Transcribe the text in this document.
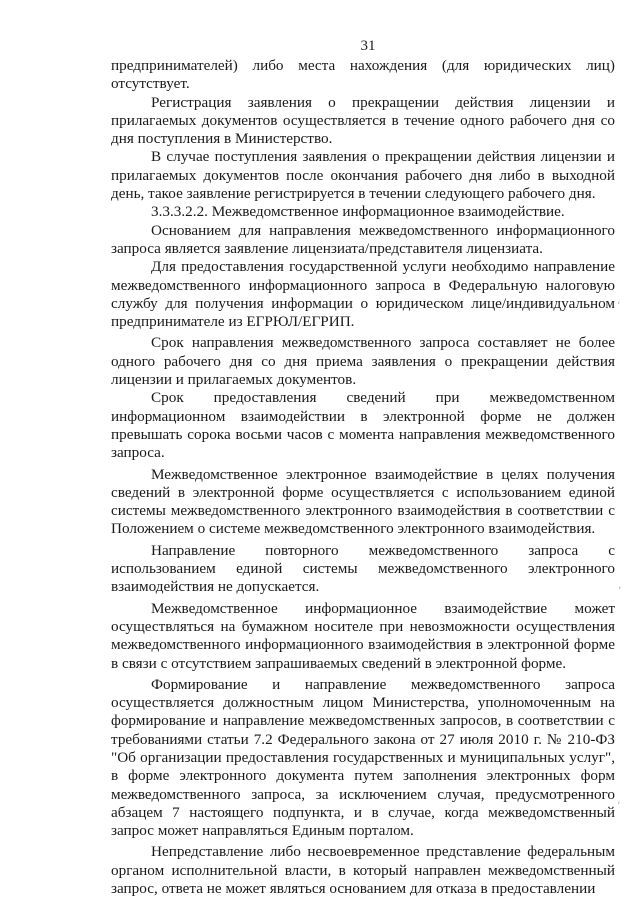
31

предпринимателей) либо места нахождения (для юридических лиц) отсутствует.

Регистрация заявления о прекращении действия лицензии и прилагаемых документов осуществляется в течение одного рабочего дня со дня поступления в Министерство.

В случае поступления заявления о прекращении действия лицензии и прилагаемых документов после окончания рабочего дня либо в выходной день, такое заявление регистрируется в течении следующего рабочего дня.

3.3.3.2.2. Межведомственное информационное взаимодействие.

Основанием для направления межведомственного информационного запроса является заявление лицензиата/представителя лицензиата.

Для предоставления государственной услуги необходимо направление межведомственного информационного запроса в Федеральную налоговую службу для получения информации о юридическом лице/индивидуальном предпринимателе из ЕГРЮЛ/ЕГРИП.

Срок направления межведомственного запроса составляет не более одного рабочего дня со дня приема заявления о прекращении действия лицензии и прилагаемых документов.

Срок предоставления сведений при межведомственном информационном взаимодействии в электронной форме не должен превышать сорока восьми часов с момента направления межведомственного запроса.

Межведомственное электронное взаимодействие в целях получения сведений в электронной форме осуществляется с использованием единой системы межведомственного электронного взаимодействия в соответствии с Положением о системе межведомственного электронного взаимодействия.

Направление повторного межведомственного запроса с использованием единой системы межведомственного электронного взаимодействия не допускается.

Межведомственное информационное взаимодействие может осуществляться на бумажном носителе при невозможности осуществления межведомственного информационного взаимодействия в электронной форме в связи с отсутствием запрашиваемых сведений в электронной форме.

Формирование и направление межведомственного запроса осуществляется должностным лицом Министерства, уполномоченным на формирование и направление межведомственных запросов, в соответствии с требованиями статьи 7.2 Федерального закона от 27 июля 2010 г. № 210-ФЗ "Об организации предоставления государственных и муниципальных услуг", в форме электронного документа путем заполнения электронных форм межведомственного запроса, за исключением случая, предусмотренного абзацем 7 настоящего подпункта, и в случае, когда межведомственный запрос может направляться Единым порталом.

Непредставление либо несвоевременное представление федеральным органом исполнительной власти, в который направлен межведомственный запрос, ответа не может являться основанием для отказа в предоставлении

ʹ
ʹ
ʹ
